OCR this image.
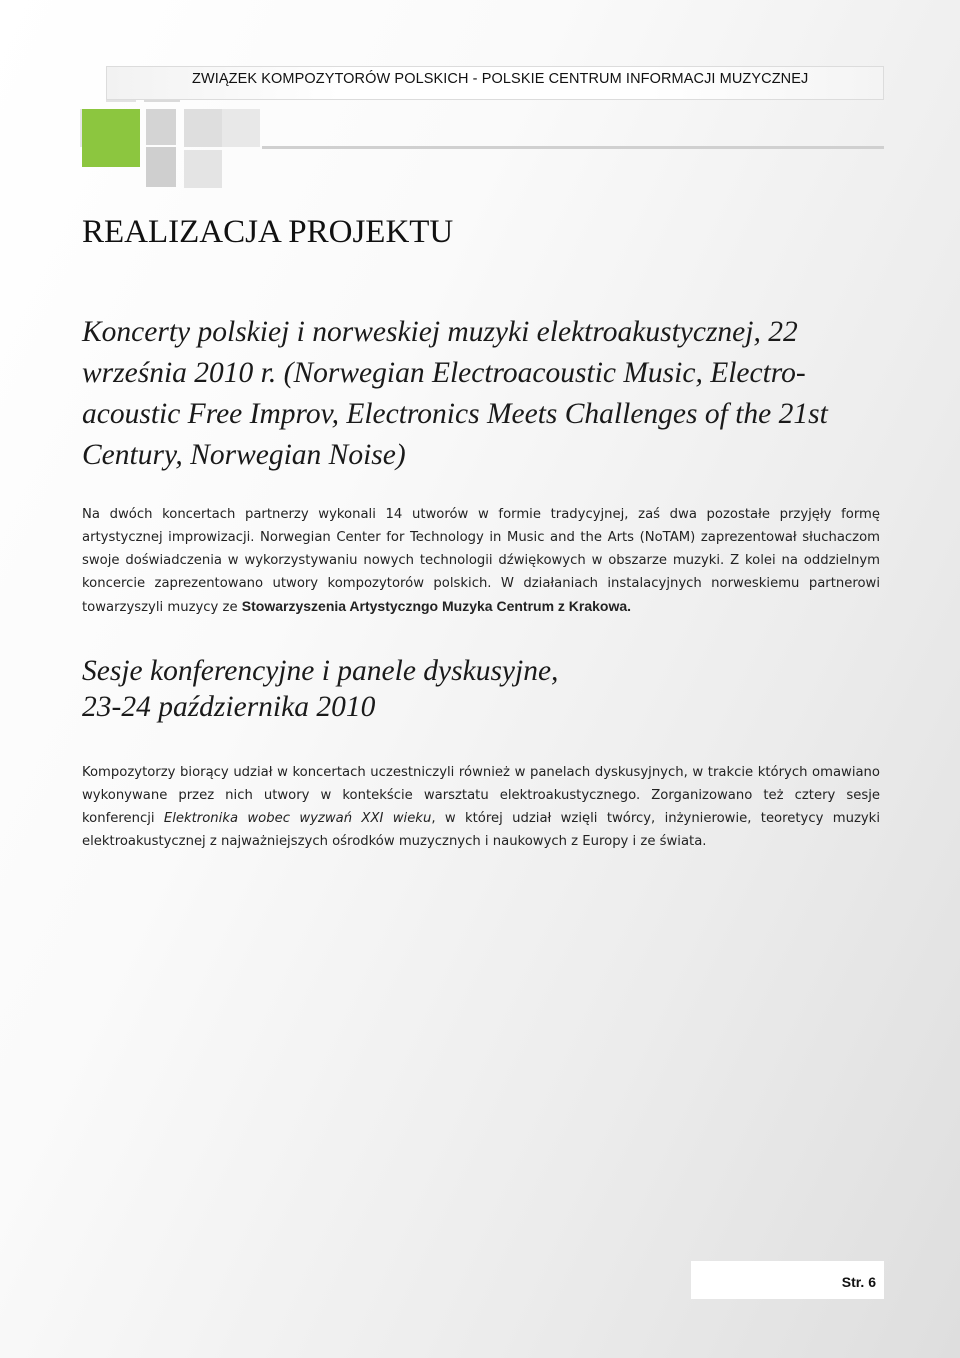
ZWIĄZEK KOMPOZYTORÓW POLSKICH - POLSKIE CENTRUM INFORMACJI MUZYCZNEJ
REALIZACJA PROJEKTU
Koncerty polskiej i norweskiej muzyki elektroakustycznej, 22 września 2010 r. (Norwegian Electroacoustic Music, Electro-acoustic Free Improv, Electronics Meets Challenges of the 21st Century, Norwegian Noise)

Na dwóch koncertach partnerzy wykonali 14 utworów w formie tradycyjnej, zaś dwa pozostałe przyjęły formę artystycznej improwizacji. Norwegian Center for Technology in Music and the Arts (NoTAM) zaprezentował słuchaczom swoje doświadczenia w wykorzystywaniu nowych technologii dźwiękowych w obszarze muzyki. Z kolei na oddzielnym koncercie zaprezentowano utwory kompozytorów polskich. W działaniach instalacyjnych norweskiemu partnerowi towarzyszyli muzycy ze Stowarzyszenia Artystyczngo Muzyka Centrum z Krakowa.

Sesje konferencyjne i panele dyskusyjne,
23-24 października 2010

Kompozytorzy biorący udział w koncertach uczestniczyli również w panelach dyskusyjnych, w trakcie których omawiano wykonywane przez nich utwory w kontekście warsztatu elektroakustycznego. Zorganizowano też cztery sesje konferencji Elektronika wobec wyzwań XXI wieku, w której udział wzięli twórcy, inżynierowie, teoretycy muzyki elektroakustycznej z najważniejszych ośrodków muzycznych i naukowych z Europy i ze świata.

Str. 6
